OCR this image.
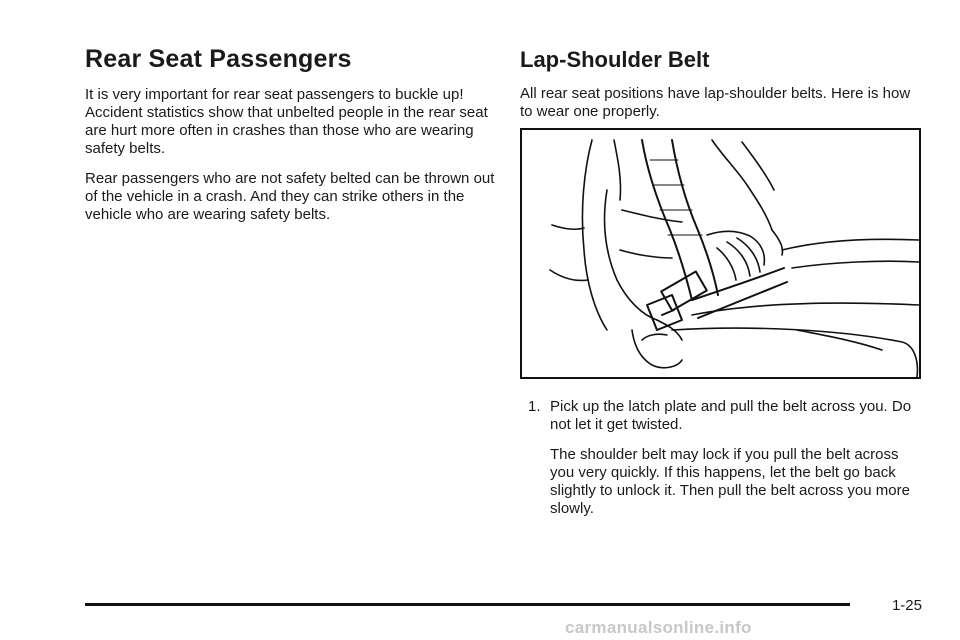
Rear Seat Passengers

It is very important for rear seat passengers to buckle up! Accident statistics show that unbelted people in the rear seat are hurt more often in crashes than those who are wearing safety belts.

Rear passengers who are not safety belted can be thrown out of the vehicle in a crash. And they can strike others in the vehicle who are wearing safety belts.

Lap-Shoulder Belt

All rear seat positions have lap-shoulder belts. Here is how to wear one properly.

1. Pick up the latch plate and pull the belt across you. Do not let it get twisted.
The shoulder belt may lock if you pull the belt across you very quickly. If this happens, let the belt go back slightly to unlock it. Then pull the belt across you more slowly.
1-25
carmanualsonline.info
